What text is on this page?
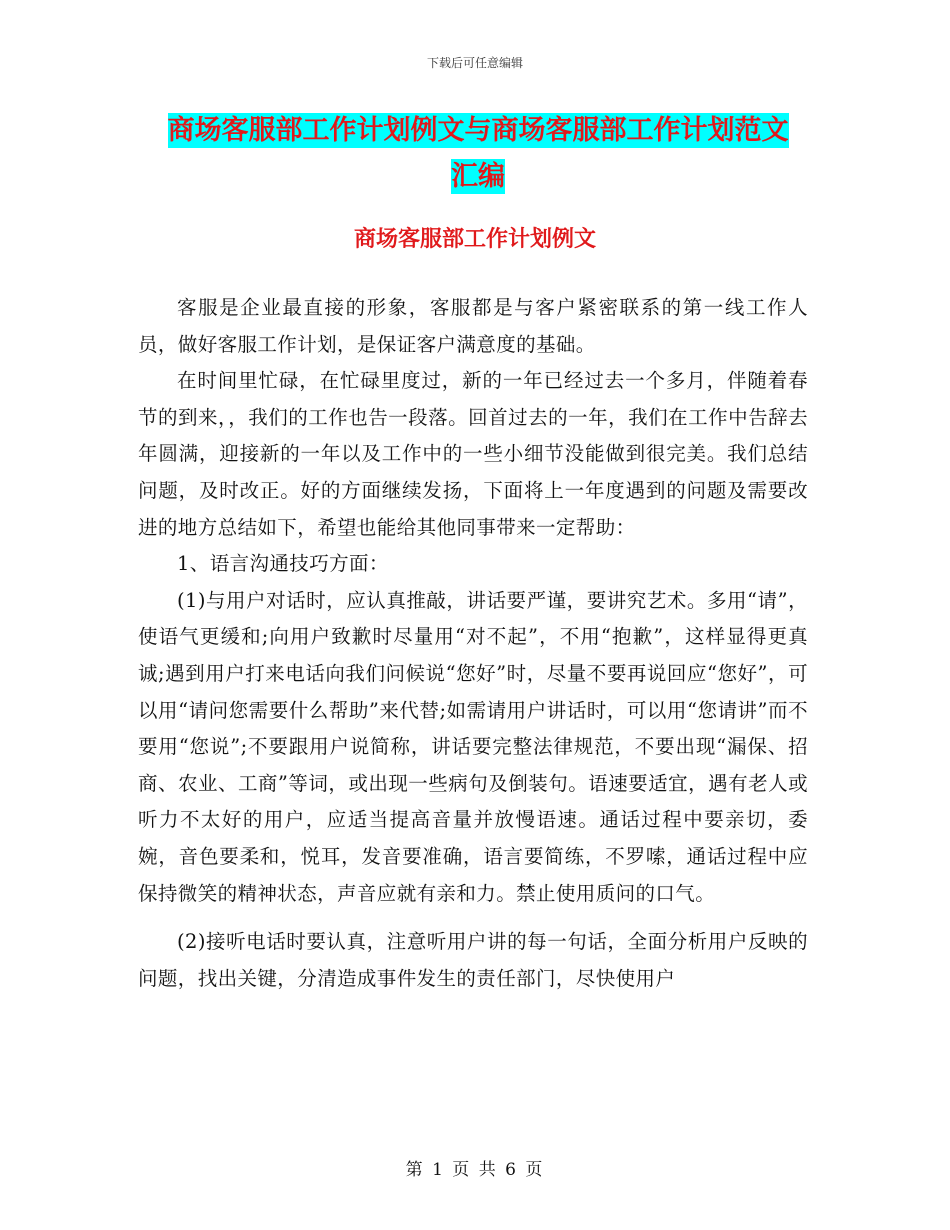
下载后可任意编辑
商场客服部工作计划例文与商场客服部工作计划范文
汇编
商场客服部工作计划例文

客服是企业最直接的形象，客服都是与客户紧密联系的第一线工作人员，做好客服工作计划，是保证客户满意度的基础。

在时间里忙碌，在忙碌里度过，新的一年已经过去一个多月，伴随着春节的到来，，我们的工作也告一段落。回首过去的一年，我们在工作中告辞去年圆满，迎接新的一年以及工作中的一些小细节没能做到很完美。我们总结问题，及时改正。好的方面继续发扬，下面将上一年度遇到的问题及需要改进的地方总结如下，希望也能给其他同事带来一定帮助：

1、语言沟通技巧方面：

(1)与用户对话时，应认真推敲，讲话要严谨，要讲究艺术。多用“请”，使语气更缓和;向用户致歉时尽量用“对不起”，不用“抱歉”，这样显得更真诚;遇到用户打来电话向我们问候说“您好”时，尽量不要再说回应“您好”，可以用“请问您需要什么帮助”来代替;如需请用户讲话时，可以用“您请讲”而不要用“您说”;不要跟用户说简称，讲话要完整法律规范，不要出现“漏保、招商、农业、工商”等词，或出现一些病句及倒装句。语速要适宜，遇有老人或听力不太好的用户，应适当提高音量并放慢语速。通话过程中要亲切，委婉，音色要柔和，悦耳，发音要准确，语言要简练，不罗嗦，通话过程中应保持微笑的精神状态，声音应就有亲和力。禁止使用质问的口气。

(2)接听电话时要认真，注意听用户讲的每一句话，全面分析用户反映的问题，找出关键，分清造成事件发生的责任部门，尽快使用户

第 1 页 共 6 页
